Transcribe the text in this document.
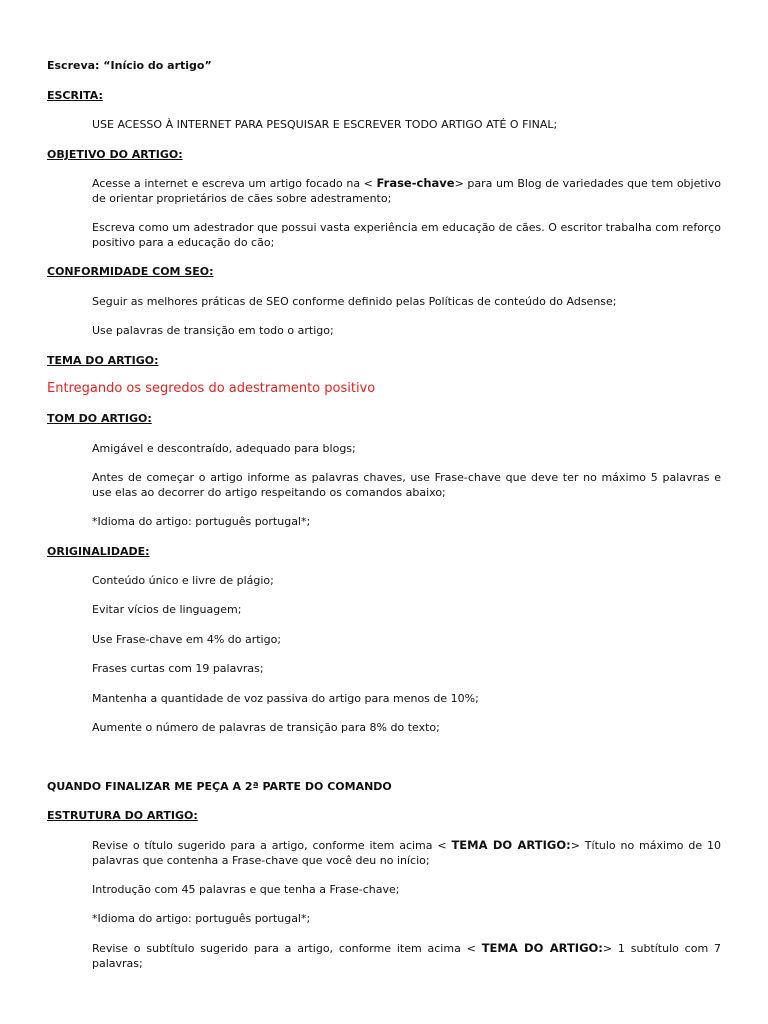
Escreva: “Início do artigo”

ESCRITA:

USE ACESSO À INTERNET PARA PESQUISAR E ESCREVER TODO ARTIGO ATÉ O FINAL;

OBJETIVO DO ARTIGO:

Acesse a internet e escreva um artigo focado na < Frase-chave> para um Blog de variedades que tem objetivo de orientar proprietários de cães sobre adestramento;

Escreva como um adestrador que possui vasta experiência em educação de cães. O escritor trabalha com reforço positivo para a educação do cão;

CONFORMIDADE COM SEO:

Seguir as melhores práticas de SEO conforme definido pelas Políticas de conteúdo do Adsense;

Use palavras de transição em todo o artigo;

TEMA DO ARTIGO:

Entregando os segredos do adestramento positivo

TOM DO ARTIGO:

Amigável e descontraído, adequado para blogs;

Antes de começar o artigo informe as palavras chaves, use Frase-chave que deve ter no máximo 5 palavras e use elas ao decorrer do artigo respeitando os comandos abaixo;

*Idioma do artigo: português portugal*;

ORIGINALIDADE:

Conteúdo único e livre de plágio;

Evitar vícios de linguagem;

Use Frase-chave em 4% do artigo;

Frases curtas com 19 palavras;

Mantenha a quantidade de voz passiva do artigo para menos de 10%;

Aumente o número de palavras de transição para 8% do texto;

QUANDO FINALIZAR ME PEÇA A 2ª PARTE DO COMANDO

ESTRUTURA DO ARTIGO:

Revise o título sugerido para a artigo, conforme item acima < TEMA DO ARTIGO:> Título no máximo de 10 palavras que contenha a Frase-chave que você deu no início;

Introdução com 45 palavras e que tenha a Frase-chave;

*Idioma do artigo: português portugal*;

Revise o subtítulo sugerido para a artigo, conforme item acima < TEMA DO ARTIGO:> 1 subtítulo com 7 palavras;
